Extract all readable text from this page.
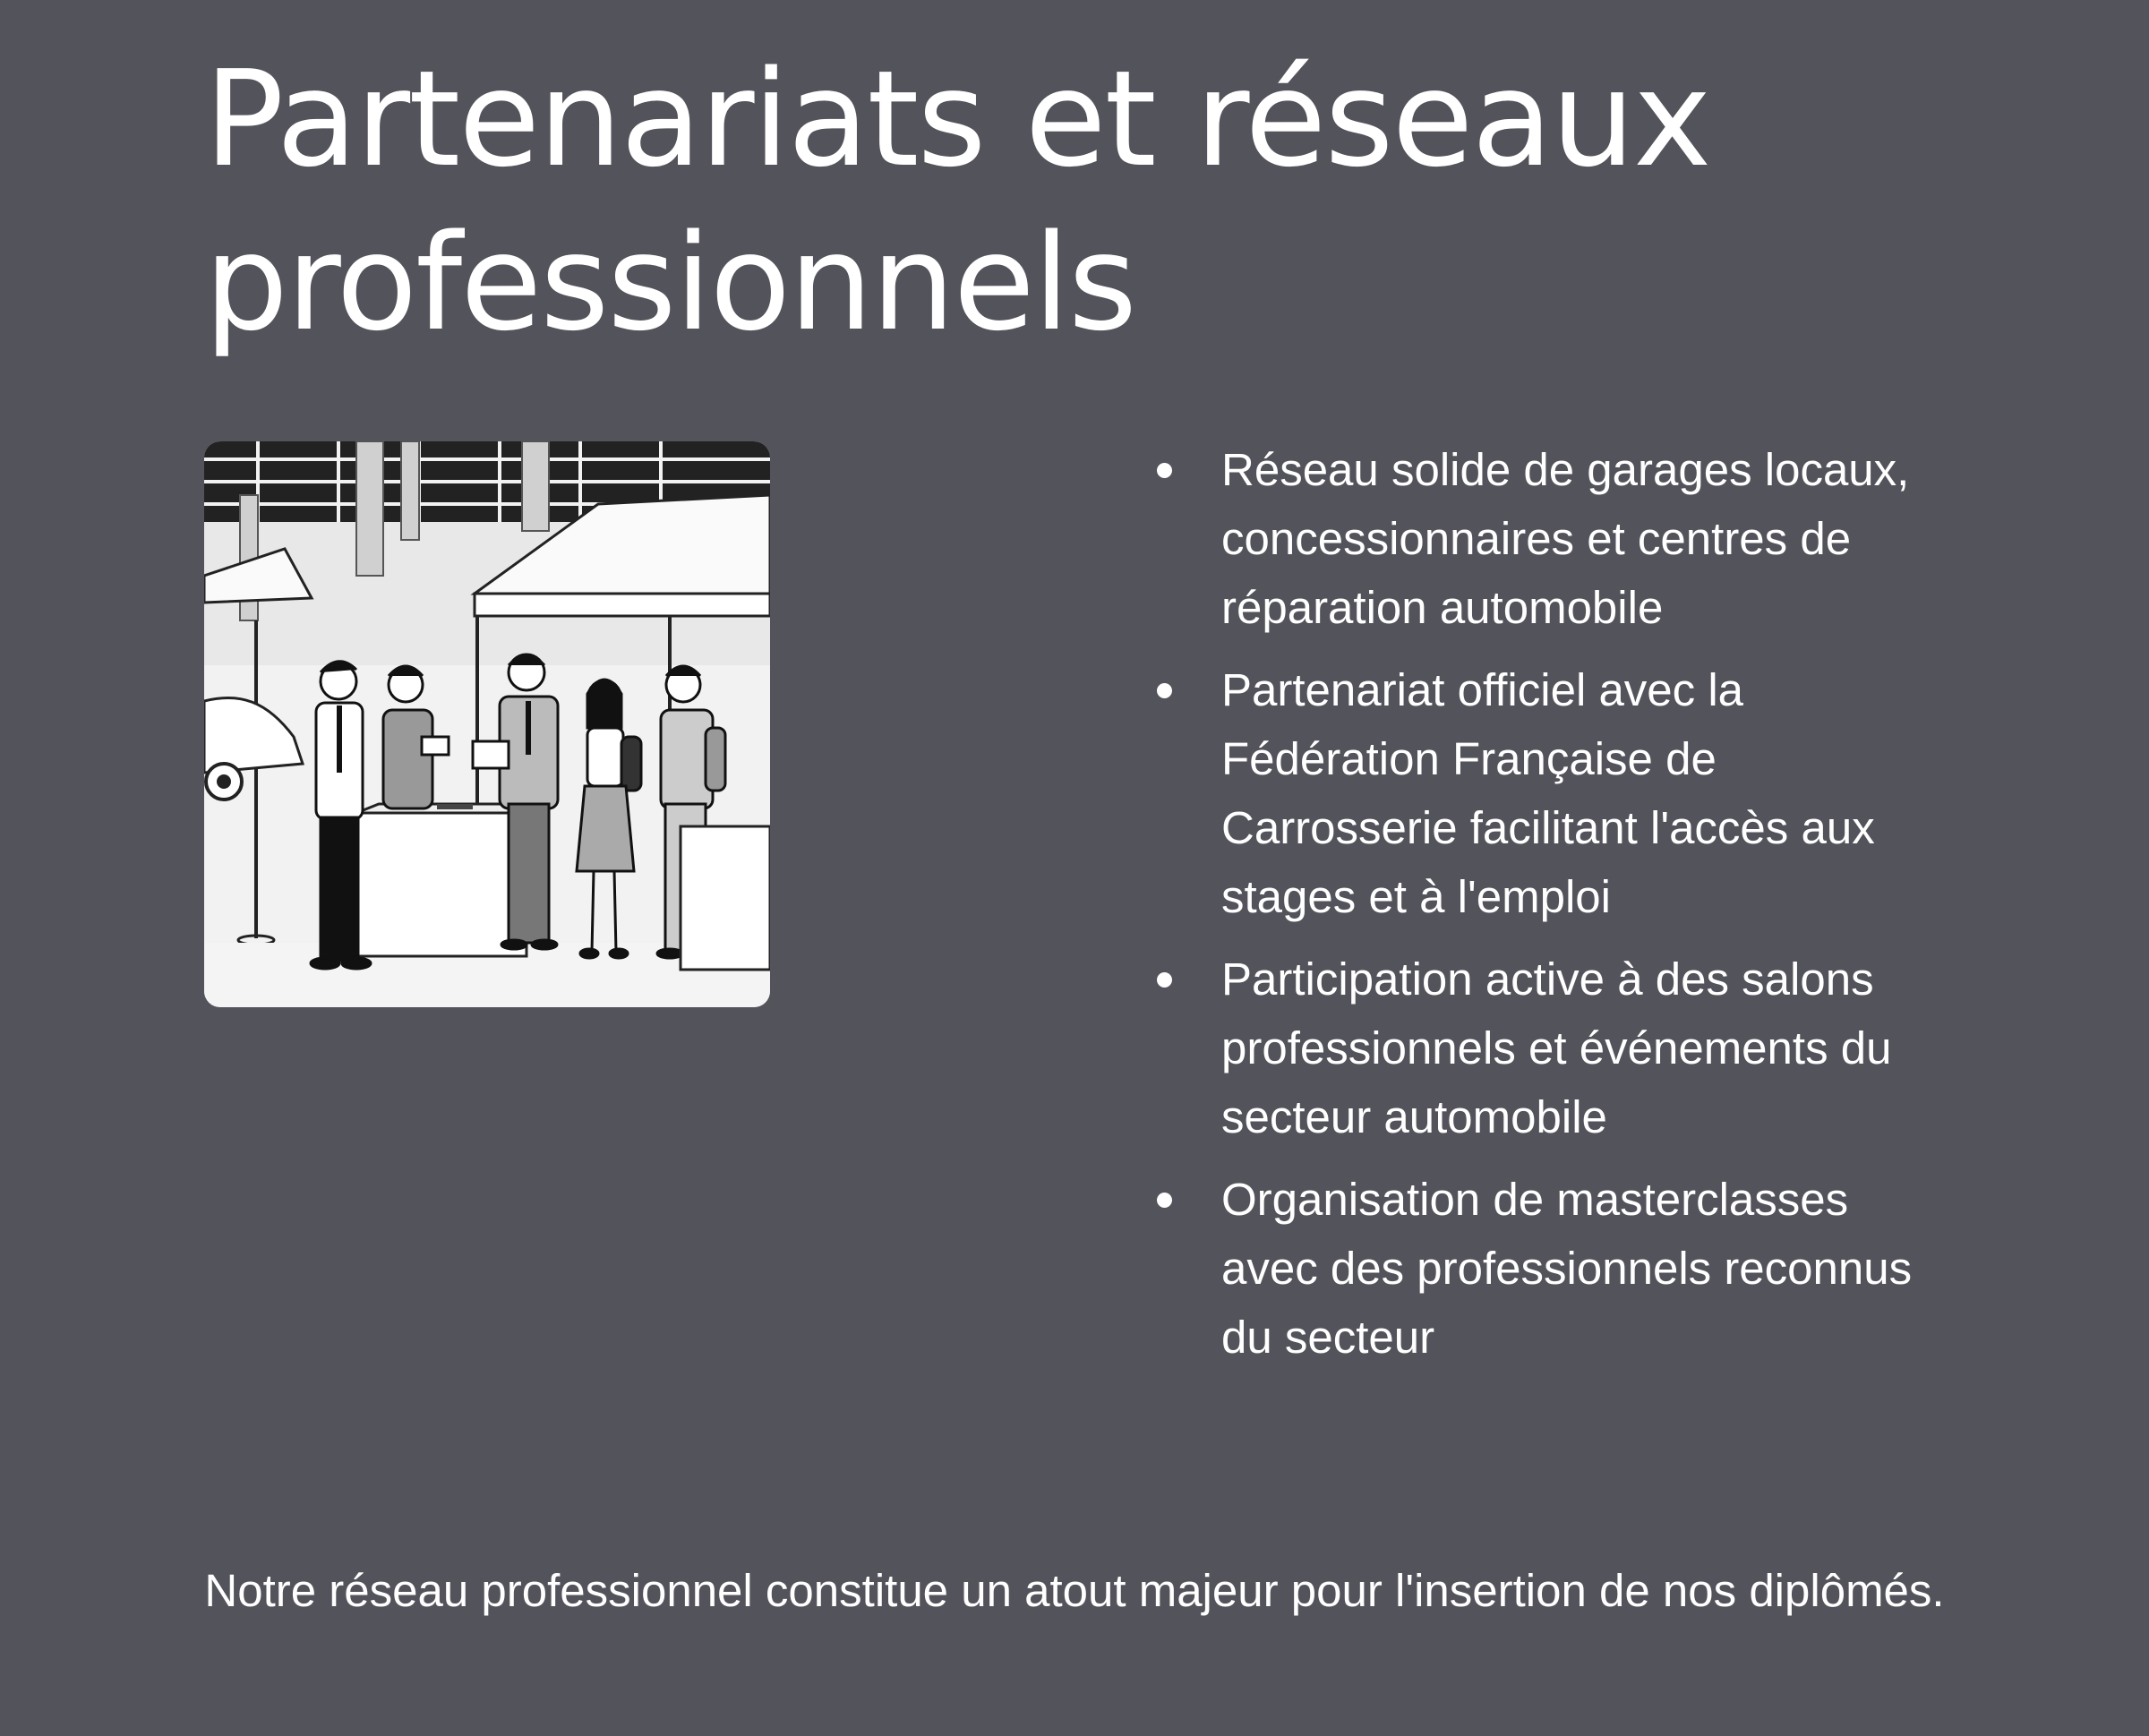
Partenariats et réseaux
professionnels
Réseau solide de garages locaux, concessionnaires et centres de réparation automobile
Partenariat officiel avec la Fédération Française de Carrosserie facilitant l'accès aux stages et à l'emploi
Participation active à des salons professionnels et événements du secteur automobile
Organisation de masterclasses avec des professionnels reconnus du secteur

Notre réseau professionnel constitue un atout majeur pour l'insertion de nos diplômés.
